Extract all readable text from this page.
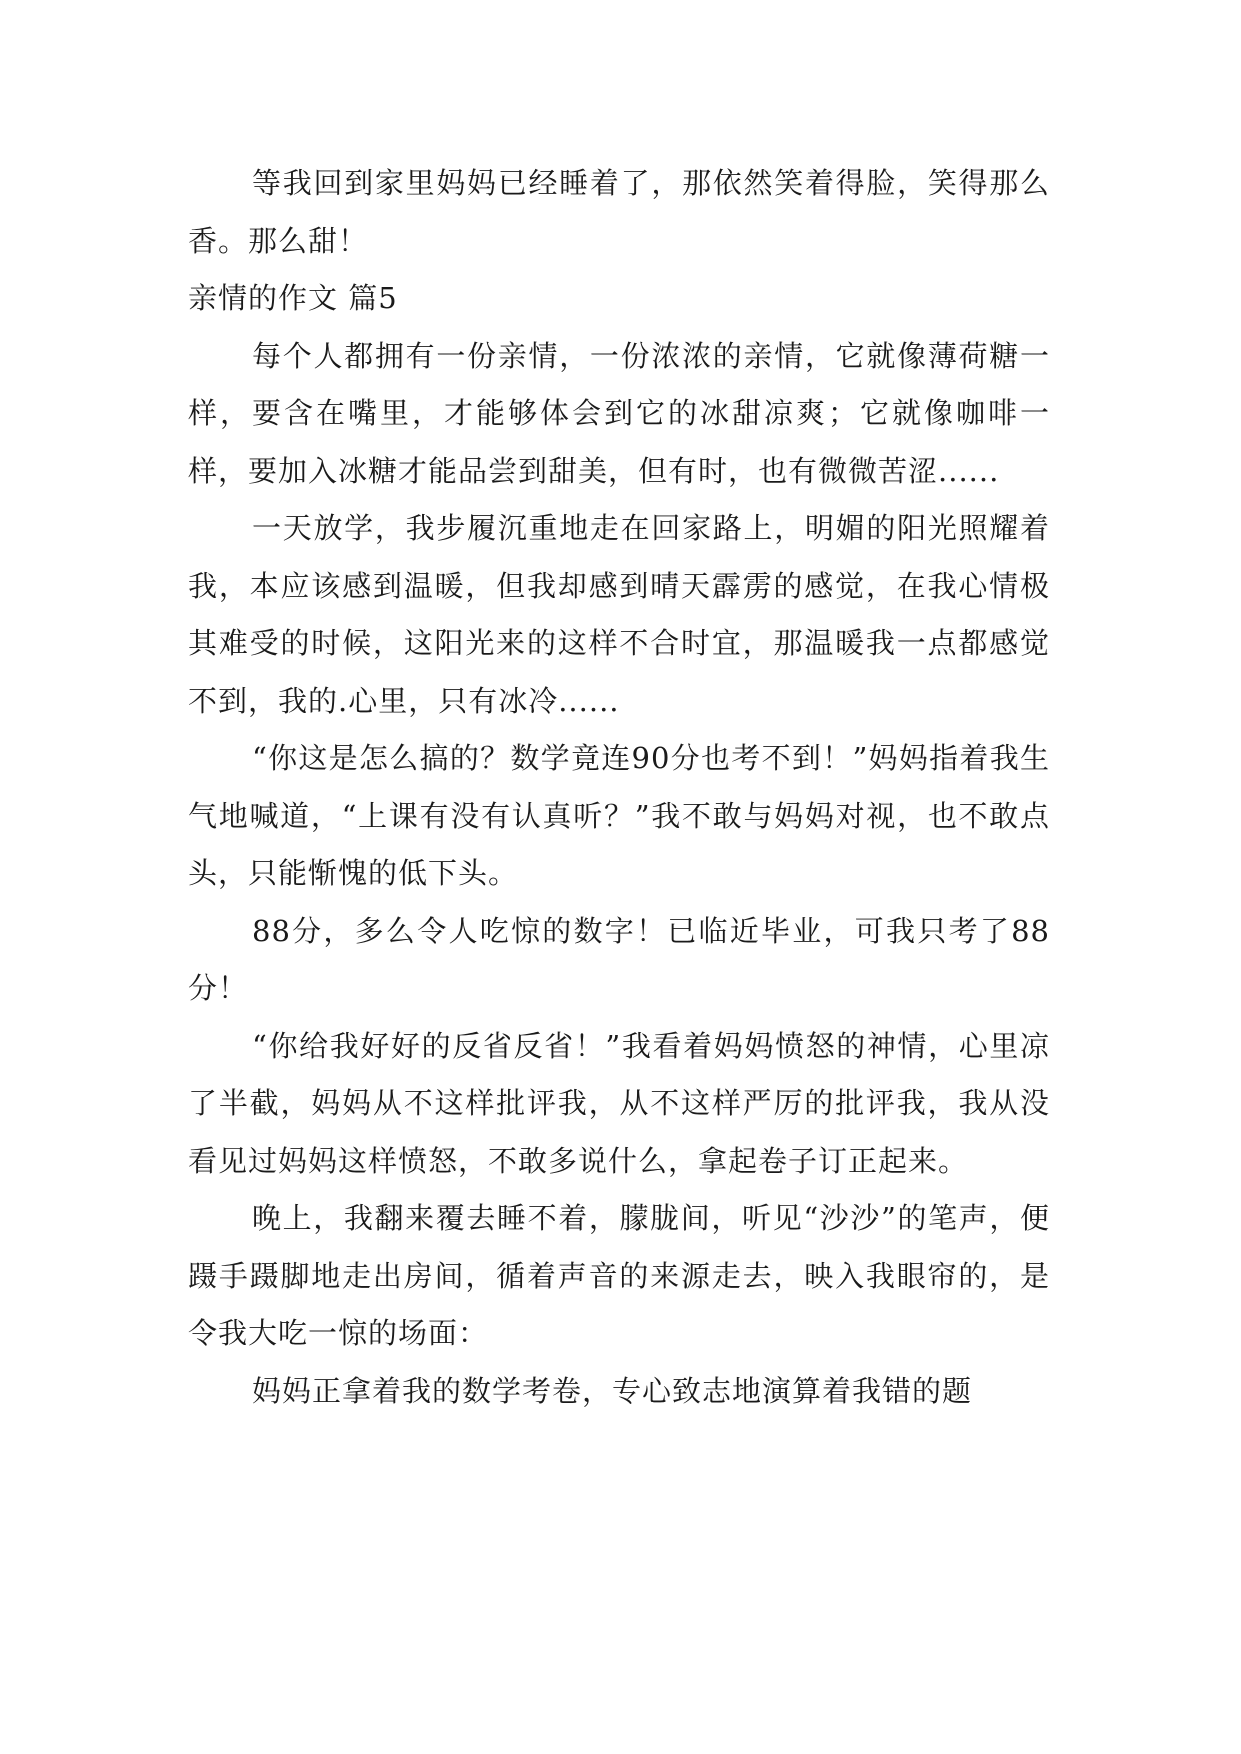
等我回到家里妈妈已经睡着了，那依然笑着得脸，笑得那么香。那么甜！

亲情的作文 篇5

每个人都拥有一份亲情，一份浓浓的亲情，它就像薄荷糖一样，要含在嘴里，才能够体会到它的冰甜凉爽；它就像咖啡一样，要加入冰糖才能品尝到甜美，但有时，也有微微苦涩......

一天放学，我步履沉重地走在回家路上，明媚的阳光照耀着我，本应该感到温暖，但我却感到晴天霹雳的感觉，在我心情极其难受的时候，这阳光来的这样不合时宜，那温暖我一点都感觉不到，我的.心里，只有冰冷......

“你这是怎么搞的？数学竟连90分也考不到！”妈妈指着我生气地喊道，“上课有没有认真听？”我不敢与妈妈对视，也不敢点头，只能惭愧的低下头。

88分，多么令人吃惊的数字！已临近毕业，可我只考了88分！

“你给我好好的反省反省！”我看着妈妈愤怒的神情，心里凉了半截，妈妈从不这样批评我，从不这样严厉的批评我，我从没看见过妈妈这样愤怒，不敢多说什么，拿起卷子订正起来。

晚上，我翻来覆去睡不着，朦胧间，听见“沙沙”的笔声，便蹑手蹑脚地走出房间，循着声音的来源走去，映入我眼帘的，是令我大吃一惊的场面：

妈妈正拿着我的数学考卷，专心致志地演算着我错的题
